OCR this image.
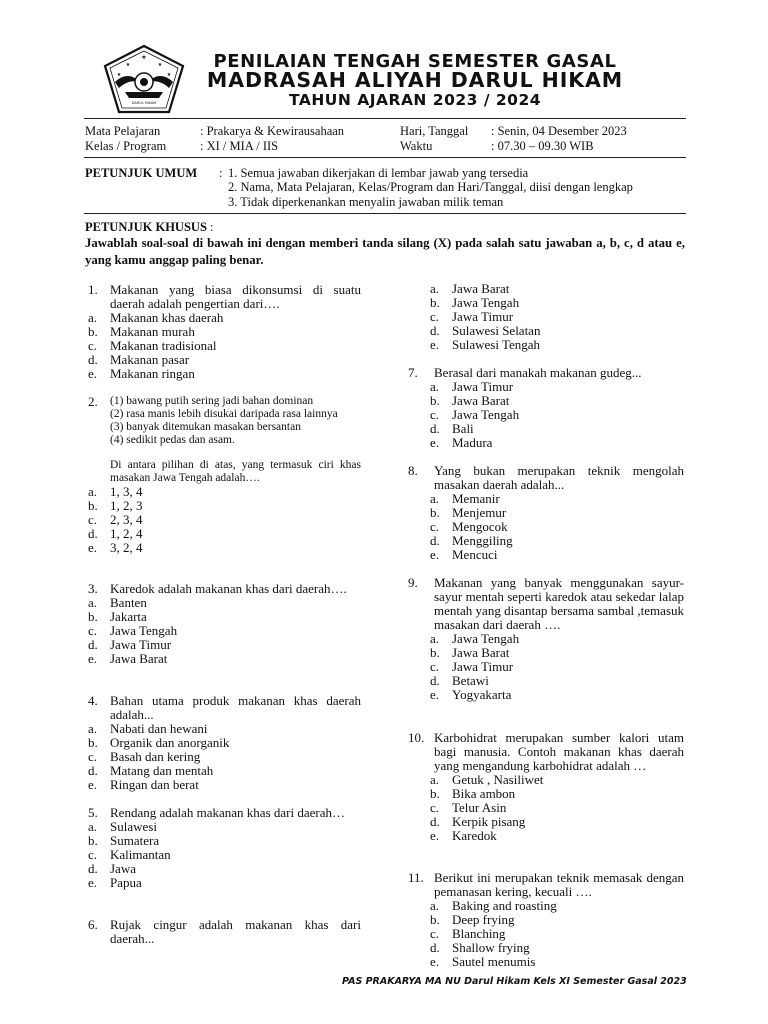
★
★	★
★	★
DARUL HIKAM
PENILAIAN TENGAH SEMESTER GASAL
MADRASAH ALIYAH DARUL HIKAM
TAHUN AJARAN 2023 / 2024
Mata Pelajaran	: Prakarya & Kewirausahaan
Kelas / Program	: XI / MIA / IIS
Hari, Tanggal : Senin, 04 Desember 2023
Waktu	: 07.30 – 09.30 WIB
PETUNJUK UMUM : 1. Semua jawaban dikerjakan di lembar jawab yang tersedia
2. Nama, Mata Pelajaran, Kelas/Program dan Hari/Tanggal, diisi dengan lengkap
3. Tidak diperkenankan menyalin jawaban milik teman
PETUNJUK KHUSUS :
Jawablah soal-soal di bawah ini dengan memberi tanda silang (X) pada salah satu jawaban a, b, c, d atau e, yang kamu anggap paling benar.
1. Makanan yang biasa dikonsumsi di suatu daerah adalah pengertian dari….
a. Makanan khas daerah
b. Makanan murah
c. Makanan tradisional
d. Makanan pasar
e. Makanan ringan
2. (1) bawang putih sering jadi bahan dominan
(2) rasa manis lebih disukai daripada rasa lainnya
(3) banyak ditemukan masakan bersantan
(4) sedikit pedas dan asam.
Di antara pilihan di atas, yang termasuk ciri khas masakan Jawa Tengah adalah….
a. 1, 3, 4
b. 1, 2, 3
c. 2, 3, 4
d. 1, 2, 4
e. 3, 2, 4
3. Karedok adalah makanan khas dari daerah….
a. Banten
b. Jakarta
c. Jawa Tengah
d. Jawa Timur
e. Jawa Barat
4. Bahan utama produk makanan khas daerah adalah...
a. Nabati dan hewani
b. Organik dan anorganik
c. Basah dan kering
d. Matang dan mentah
e. Ringan dan berat
5. Rendang adalah makanan khas dari daerah…
a. Sulawesi
b. Sumatera
c. Kalimantan
d. Jawa
e. Papua
6. Rujak cingur adalah makanan khas dari daerah...
a. Jawa Barat
b. Jawa Tengah
c. Jawa Timur
d. Sulawesi Selatan
e. Sulawesi Tengah
7. Berasal dari manakah makanan gudeg...
a. Jawa Timur
b. Jawa Barat
c. Jawa Tengah
d. Bali
e. Madura
8. Yang bukan merupakan teknik mengolah masakan daerah adalah...
a. Memanir
b. Menjemur
c. Mengocok
d. Menggiling
e. Mencuci
9. Makanan yang banyak menggunakan sayur-sayur mentah seperti karedok atau sekedar lalap mentah yang disantap bersama sambal ,temasuk masakan dari daerah ….
a. Jawa Tengah
b. Jawa Barat
c. Jawa Timur
d. Betawi
e. Yogyakarta
10. Karbohidrat merupakan sumber kalori utam bagi manusia. Contoh makanan khas daerah yang mengandung karbohidrat adalah …
a. Getuk , Nasiliwet
b. Bika ambon
c. Telur Asin
d. Kerpik pisang
e. Karedok
11. Berikut ini merupakan teknik memasak dengan pemanasan kering, kecuali ….
a. Baking and roasting
b. Deep frying
c. Blanching
d. Shallow frying
e. Sautel menumis
PAS PRAKARYA MA NU Darul Hikam Kels XI Semester Gasal 2023
